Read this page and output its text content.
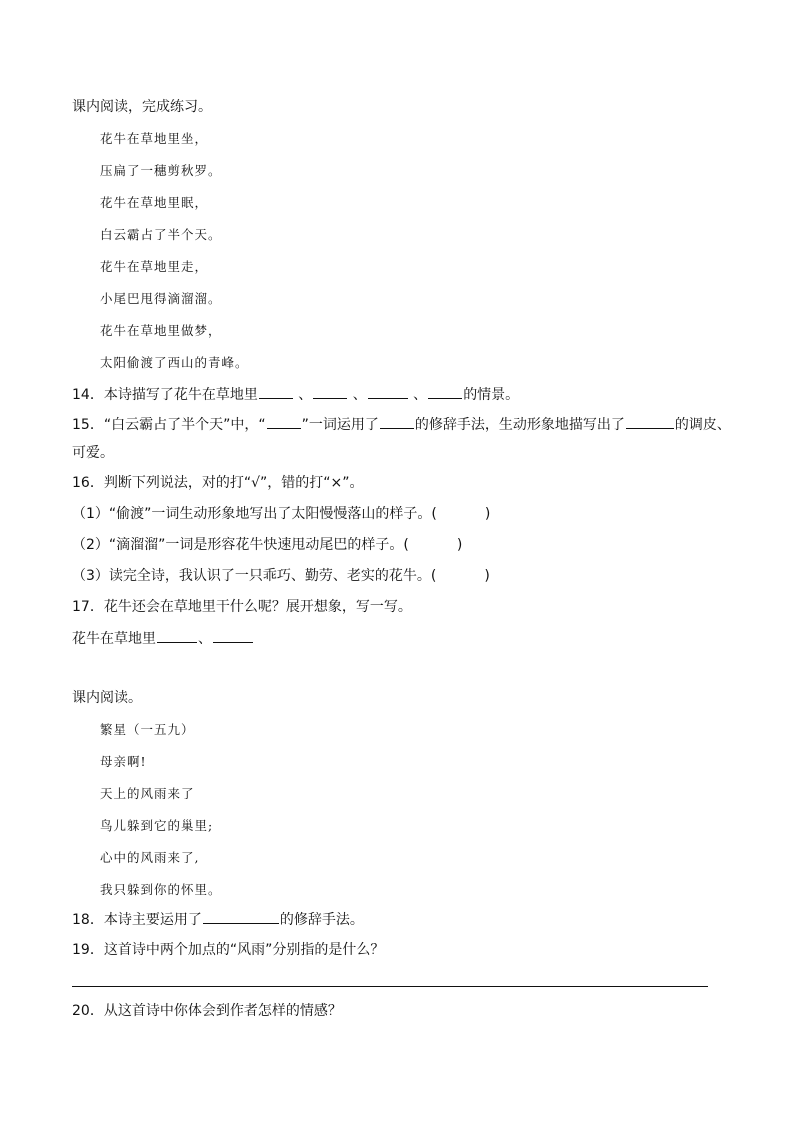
课内阅读，完成练习。
花牛在草地里坐，
压扁了一穗剪秋罗。
花牛在草地里眠，
白云霸占了半个天。
花牛在草地里走，
小尾巴甩得滴溜溜。
花牛在草地里做梦，
太阳偷渡了西山的青峰。
14．本诗描写了花牛在草地里	、	、	、	的情景。
15．“白云霸占了半个天”中，“	”一词运用了	的修辞手法，生动形象地描写出了	的调皮、
可爱。
16．判断下列说法，对的打“√”，错的打“×”。
（1）“偷渡”一词生动形象地写出了太阳慢慢落山的样子。(	)
（2）“滴溜溜”一词是形容花牛快速甩动尾巴的样子。(	)
（3）读完全诗，我认识了一只乖巧、勤劳、老实的花牛。(	)
17．花牛还会在草地里干什么呢？展开想象，写一写。
花牛在草地里	、
课内阅读。
繁星（一五九）
母亲啊!
天上的风雨来了
鸟儿躲到它的巢里;
心中的风雨来了,
我只躲到你的怀里。
18．本诗主要运用了	的修辞手法。
19．这首诗中两个加点的“风雨”分别指的是什么？
20．从这首诗中你体会到作者怎样的情感？
